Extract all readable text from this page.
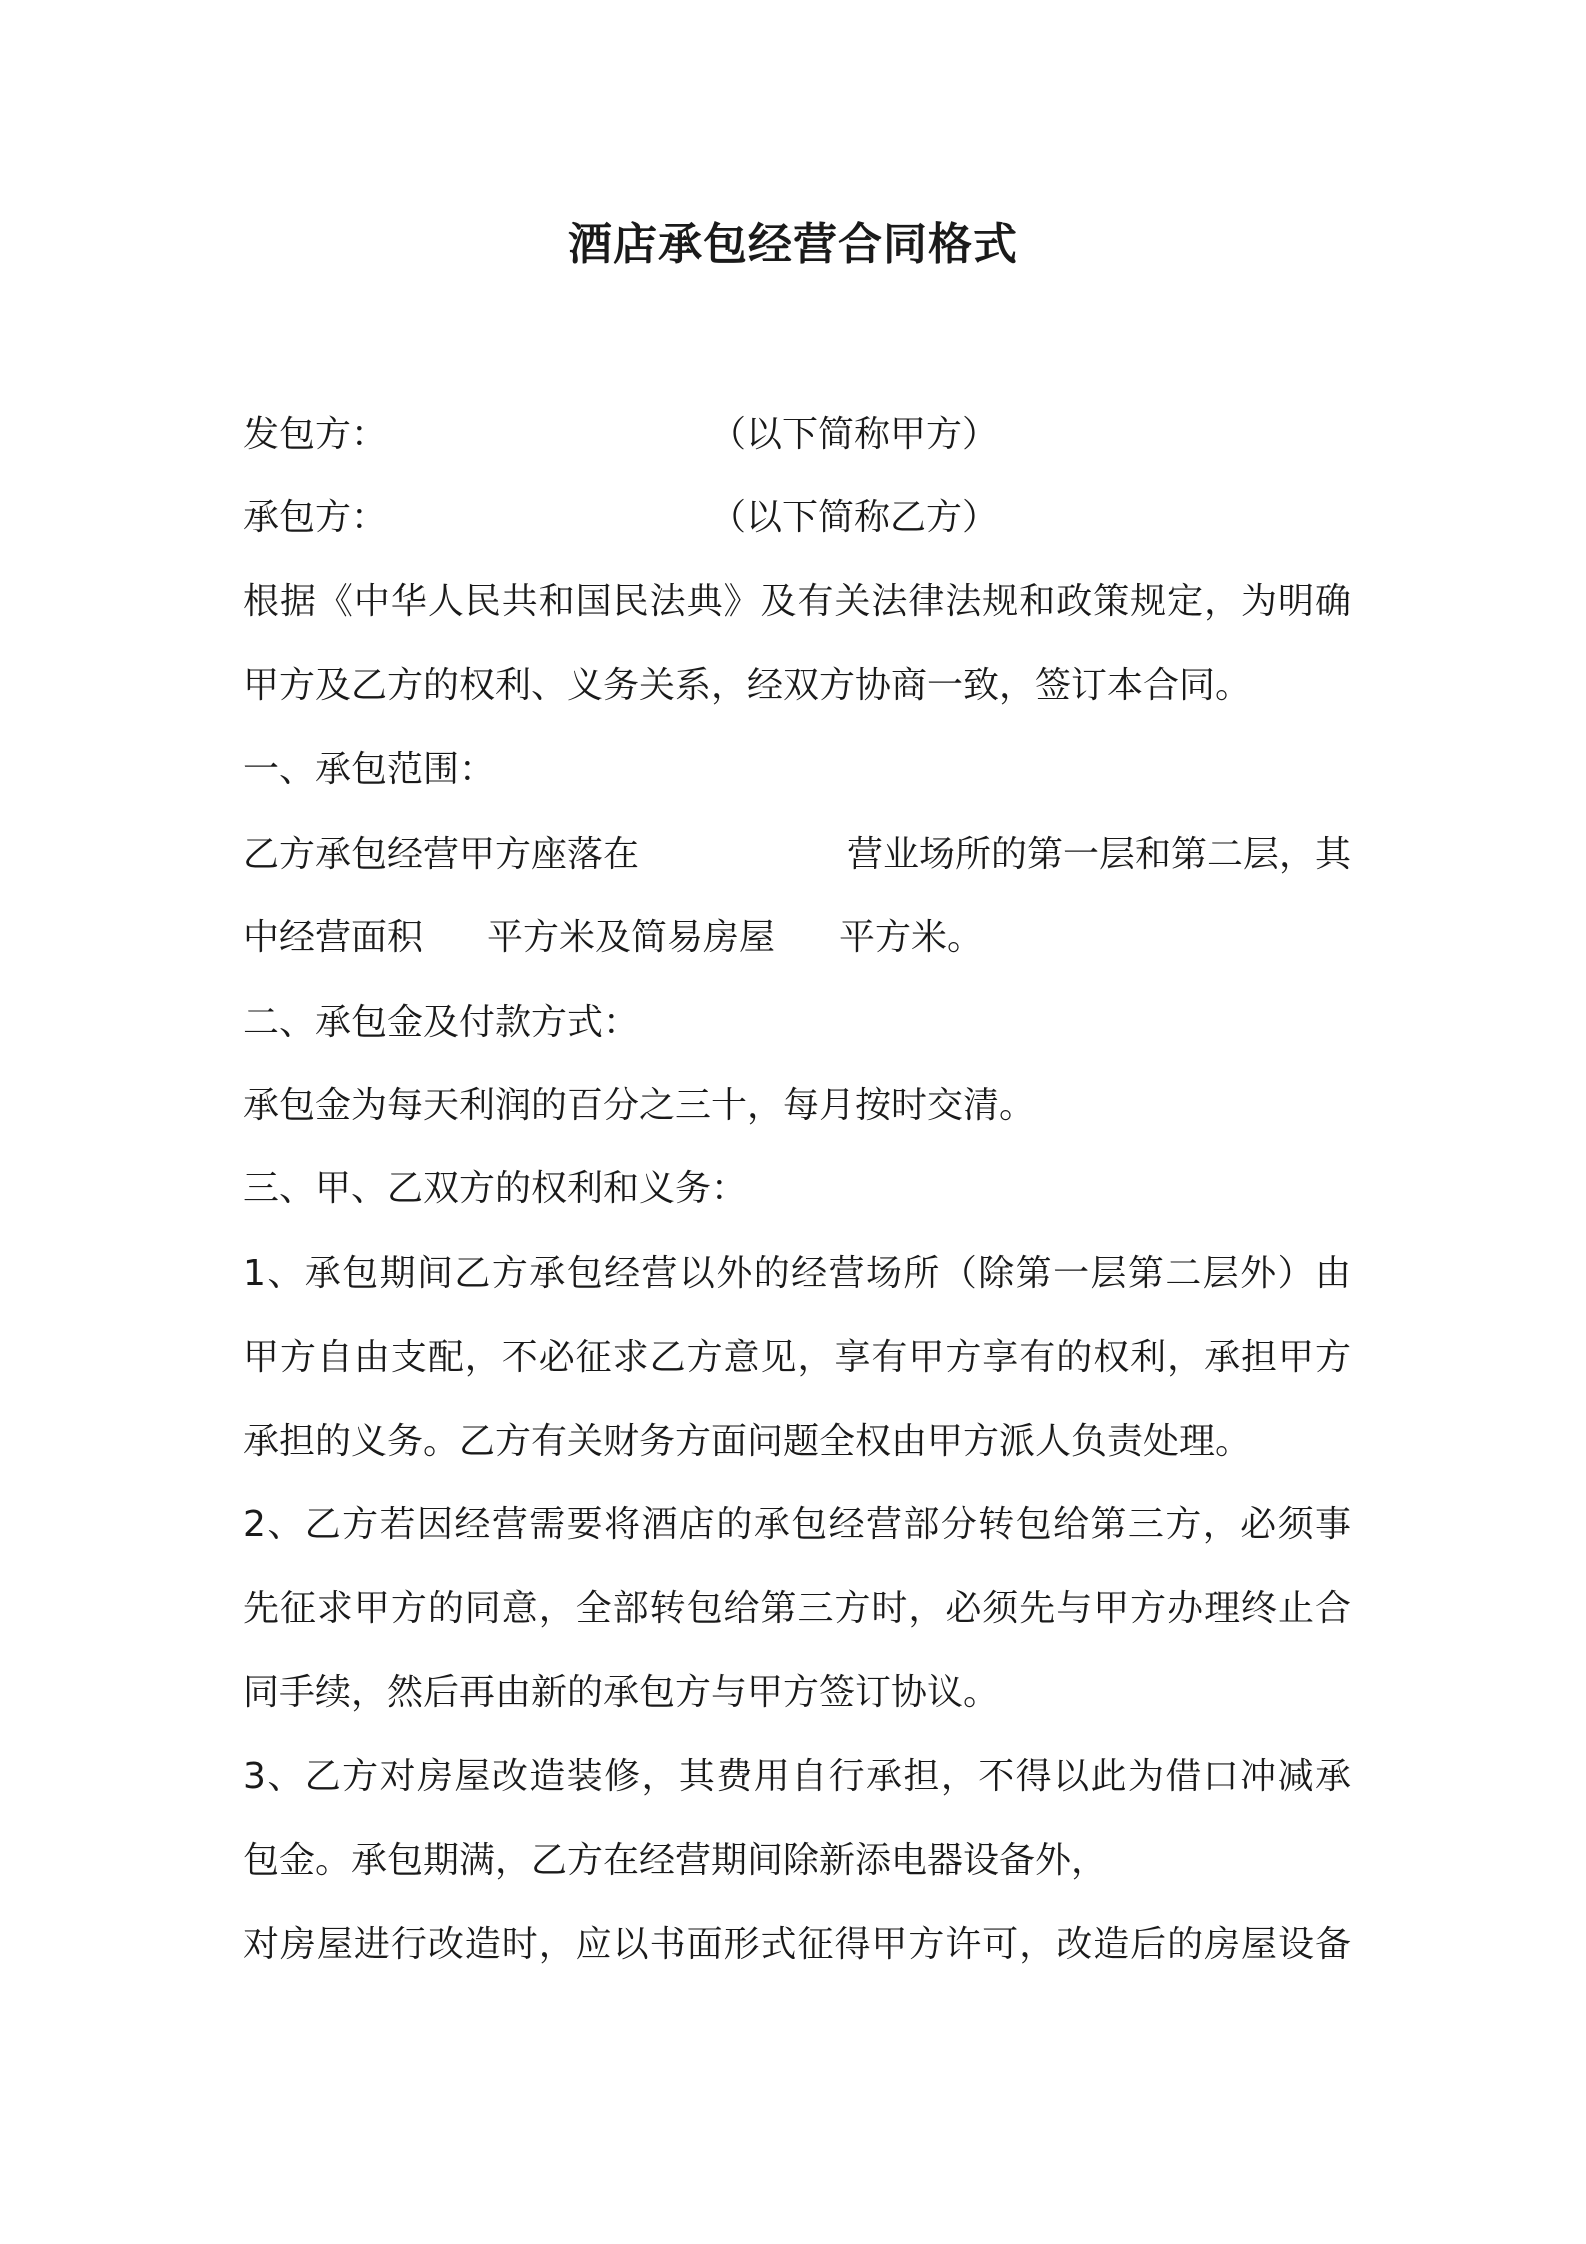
酒店承包经营合同格式
发包方：	（以下简称甲方）
承包方：	（以下简称乙方）
根据《中华人民共和国民法典》及有关法律法规和政策规定，为明确
甲方及乙方的权利、义务关系，经双方协商一致，签订本合同。
一、承包范围：
乙方承包经营甲方座落在	营业场所的第一层和第二层，其
中经营面积 平方米及简易房屋 平方米。
二、承包金及付款方式：
承包金为每天利润的百分之三十，每月按时交清。
三、甲、乙双方的权利和义务：
1、承包期间乙方承包经营以外的经营场所（除第一层第二层外）由
甲方自由支配，不必征求乙方意见，享有甲方享有的权利，承担甲方
承担的义务。乙方有关财务方面问题全权由甲方派人负责处理。
2、乙方若因经营需要将酒店的承包经营部分转包给第三方，必须事
先征求甲方的同意，全部转包给第三方时，必须先与甲方办理终止合
同手续，然后再由新的承包方与甲方签订协议。
3、乙方对房屋改造装修，其费用自行承担，不得以此为借口冲减承
包金。承包期满，乙方在经营期间除新添电器设备外，
对房屋进行改造时，应以书面形式征得甲方许可，改造后的房屋设备
